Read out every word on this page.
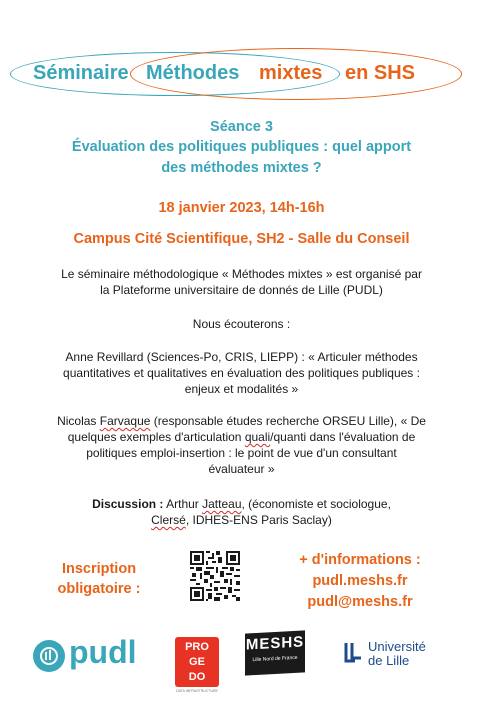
Séminaire Méthodes mixtes en SHS
Séance 3
Évaluation des politiques publiques : quel apport
des méthodes mixtes ?
18 janvier 2023, 14h-16h
Campus Cité Scientifique, SH2 - Salle du Conseil
Le séminaire méthodologique « Méthodes mixtes » est organisé par
la Plateforme universitaire de donnés de Lille (PUDL)
Nous écouterons :
Anne Revillard (Sciences-Po, CRIS, LIEPP) : « Articuler méthodes
quantitatives et qualitatives en évaluation des politiques publiques :
enjeux et modalités »
Nicolas Farvaque (responsable études recherche ORSEU Lille), « De
quelques exemples d'articulation quali/quanti dans l'évaluation de
politiques emploi-insertion : le point de vue d'un consultant
évaluateur »
Discussion : Arthur Jatteau, (économiste et sociologue,
Clersé, IDHES-ENS Paris Saclay)
Inscription
obligatoire :
+ d'informations :
pudl.meshs.fr
pudl@meshs.fr
pudl	PRO
GE
DO
DATA INFRASTRUCTURE
MESHS
Lille Nord de France
Université
de Lille
